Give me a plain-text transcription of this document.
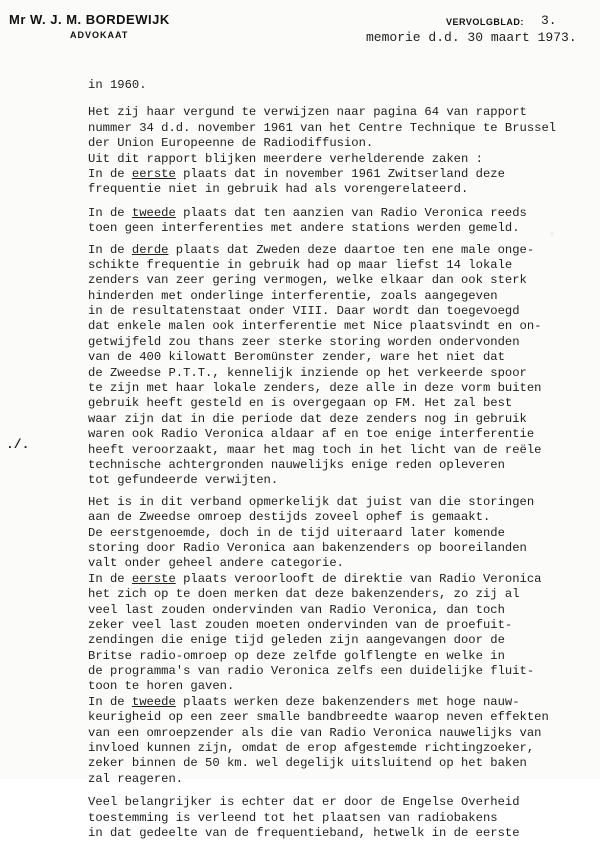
Mr W. J. M. BORDEWIJK
ADVOKAAT
VERVOLGBLAD: 3.
memorie d.d. 30 maart 1973.
./.
in 1960.
Het zij haar vergund te verwijzen naar pagina 64 van rapport
nummer 34 d.d. november 1961 van het Centre Technique te Brussel
der Union Europeenne de Radiodiffusion.
Uit dit rapport blijken meerdere verhelderende zaken :
In de eerste plaats dat in november 1961 Zwitserland deze
frequentie niet in gebruik had als vorengerelateerd.
In de tweede plaats dat ten aanzien van Radio Veronica reeds
toen geen interferenties met andere stations werden gemeld.
In de derde plaats dat Zweden deze daartoe ten ene male onge-
schikte frequentie in gebruik had op maar liefst 14 lokale
zenders van zeer gering vermogen, welke elkaar dan ook sterk
hinderden met onderlinge interferentie, zoals aangegeven
in de resultatenstaat onder VIII. Daar wordt dan toegevoegd
dat enkele malen ook interferentie met Nice plaatsvindt en on-
getwijfeld zou thans zeer sterke storing worden ondervonden
van de 400 kilowatt Beromünster zender, ware het niet dat
de Zweedse P.T.T., kennelijk inziende op het verkeerde spoor
te zijn met haar lokale zenders, deze alle in deze vorm buiten
gebruik heeft gesteld en is overgegaan op FM. Het zal best
waar zijn dat in die periode dat deze zenders nog in gebruik
waren ook Radio Veronica aldaar af en toe enige interferentie
heeft veroorzaakt, maar het mag toch in het licht van de reële
technische achtergronden nauwelijks enige reden opleveren
tot gefundeerde verwijten.
Het is in dit verband opmerkelijk dat juist van die storingen
aan de Zweedse omroep destijds zoveel ophef is gemaakt.
De eerstgenoemde, doch in de tijd uiteraard later komende
storing door Radio Veronica aan bakenzenders op booreilanden
valt onder geheel andere categorie.
In de eerste plaats veroorlooft de direktie van Radio Veronica
het zich op te doen merken dat deze bakenzenders, zo zij al
veel last zouden ondervinden van Radio Veronica, dan toch
zeker veel last zouden moeten ondervinden van de proefuit-
zendingen die enige tijd geleden zijn aangevangen door de
Britse radio-omroep op deze zelfde golflengte en welke in
de programma's van radio Veronica zelfs een duidelijke fluit-
toon te horen gaven.
In de tweede plaats werken deze bakenzenders met hoge nauw-
keurigheid op een zeer smalle bandbreedte waarop neven effekten
van een omroepzender als die van Radio Veronica nauwelijks van
invloed kunnen zijn, omdat de erop afgestemde richtingzoeker,
zeker binnen de 50 km. wel degelijk uitsluitend op het baken
zal reageren.
Veel belangrijker is echter dat er door de Engelse Overheid
toestemming is verleend tot het plaatsen van radiobakens
in dat gedeelte van de frequentieband, hetwelk in de eerste
